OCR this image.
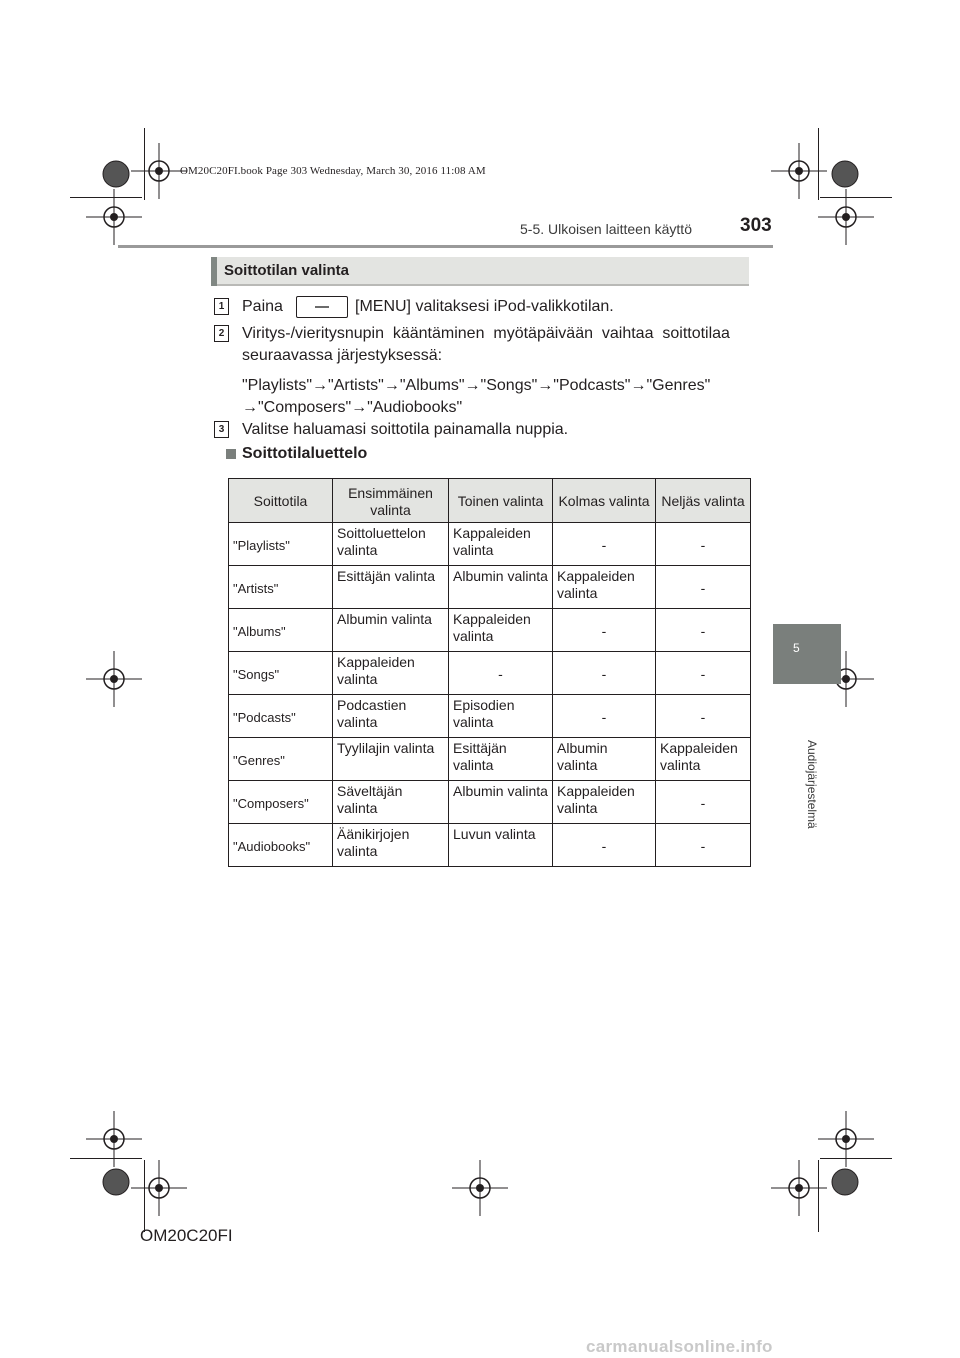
OM20C20FI.book Page 303 Wednesday, March 30, 2016 11:08 AM
5-5. Ulkoisen laitteen käyttö	303
5
Audiojärjestelmä
Soittotilan valinta
1 Paina	[MENU] valitaksesi iPod-valikkotilan.
2 Viritys-/vieritysnupin  kääntäminen  myötäpäivään  vaihtaa  soittotilaa
seuraavassa järjestyksessä:
"Playlists"→"Artists"→"Albums"→"Songs"→"Podcasts"→"Genres"
→"Composers"→"Audiobooks"
3 Valitse haluamasi soittotila painamalla nuppia.
Soittotilaluettelo
Soittotila	Ensimmäinen valinta	Toinen valinta	Kolmas valinta	Neljäs valinta
"Playlists"	Soittoluettelon valinta	Kappaleiden valinta	-	-
"Artists"	Esittäjän valinta	Albumin valinta	Kappaleiden valinta	-
"Albums"	Albumin valinta	Kappaleiden valinta	-	-
"Songs"	Kappaleiden valinta	-	-	-
"Podcasts"	Podcastien valinta	Episodien valinta	-	-
"Genres"	Tyylilajin valinta	Esittäjän valinta	Albumin valinta	Kappaleiden valinta
"Composers"	Säveltäjän valinta	Albumin valinta	Kappaleiden valinta	-
"Audiobooks"	Äänikirjojen valinta	Luvun valinta	-	-
OM20C20FI
carmanualsonline.info
